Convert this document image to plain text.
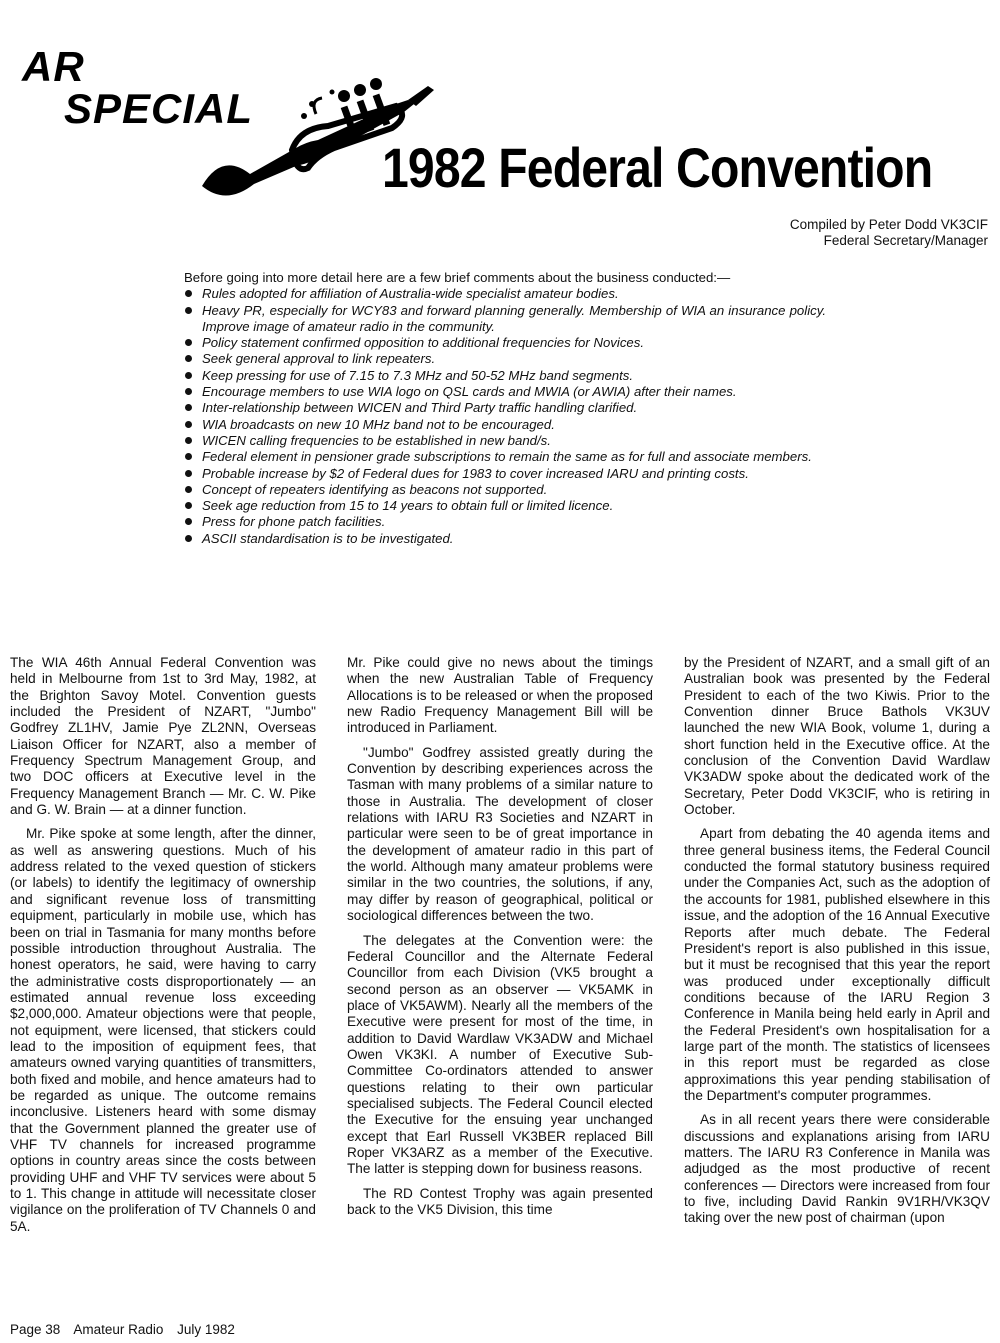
AR
SPECIAL
1982 Federal Convention
Compiled by Peter Dodd VK3CIF
Federal Secretary/Manager

Before going into more detail here are a few brief comments about the business conducted:—

Rules adopted for affiliation of Australia-wide specialist amateur bodies.
Heavy PR, especially for WCY83 and forward planning generally. Membership of WIA an insurance policy. Improve image of amateur radio in the community.
Policy statement confirmed opposition to additional frequencies for Novices.
Seek general approval to link repeaters.
Keep pressing for use of 7.15 to 7.3 MHz and 50-52 MHz band segments.
Encourage members to use WIA logo on QSL cards and MWIA (or AWIA) after their names.
Inter-relationship between WICEN and Third Party traffic handling clarified.
WIA broadcasts on new 10 MHz band not to be encouraged.
WICEN calling frequencies to be established in new band/s.
Federal element in pensioner grade subscriptions to remain the same as for full and associate members.
Probable increase by $2 of Federal dues for 1983 to cover increased IARU and printing costs.
Concept of repeaters identifying as beacons not supported.
Seek age reduction from 15 to 14 years to obtain full or limited licence.
Press for phone patch facilities.
ASCII standardisation is to be investigated.

The WIA 46th Annual Federal Convention was held in Melbourne from 1st to 3rd May, 1982, at the Brighton Savoy Motel. Convention guests included the President of NZART, "Jumbo" Godfrey ZL1HV, Jamie Pye ZL2NN, Overseas Liaison Officer for NZART, also a member of Frequency Spectrum Management Group, and two DOC officers at Executive level in the Frequency Management Branch — Mr. C. W. Pike and G. W. Brain — at a dinner function.

Mr. Pike spoke at some length, after the dinner, as well as answering questions. Much of his address related to the vexed question of stickers (or labels) to identify the legitimacy of ownership and significant revenue loss of transmitting equipment, particularly in mobile use, which has been on trial in Tasmania for many months before possible introduction throughout Australia. The honest operators, he said, were having to carry the administrative costs disproportionately — an estimated annual revenue loss exceeding $2,000,000. Amateur objections were that people, not equipment, were licensed, that stickers could lead to the imposition of equipment fees, that amateurs owned varying quantities of transmitters, both fixed and mobile, and hence amateurs had to be regarded as unique. The outcome remains inconclusive. Listeners heard with some dismay that the Government planned the greater use of VHF TV channels for increased programme options in country areas since the costs between providing UHF and VHF TV services were about 5 to 1. This change in attitude will necessitate closer vigilance on the proliferation of TV Channels 0 and 5A.

Mr. Pike could give no news about the timings when the new Australian Table of Frequency Allocations is to be released or when the proposed new Radio Frequency Management Bill will be introduced in Parliament.

"Jumbo" Godfrey assisted greatly during the Convention by describing experiences across the Tasman with many problems of a similar nature to those in Australia. The development of closer relations with IARU R3 Societies and NZART in particular were seen to be of great importance in the development of amateur radio in this part of the world. Although many amateur problems were similar in the two countries, the solutions, if any, may differ by reason of geographical, political or sociological differences between the two.

The delegates at the Convention were: the Federal Councillor and the Alternate Federal Councillor from each Division (VK5 brought a second person as an observer — VK5AMK in place of VK5AWM). Nearly all the members of the Executive were present for most of the time, in addition to David Wardlaw VK3ADW and Michael Owen VK3KI. A number of Executive Sub-Committee Co-ordinators attended to answer questions relating to their own particular specialised subjects. The Federal Council elected the Executive for the ensuing year unchanged except that Earl Russell VK3BER replaced Bill Roper VK3ARZ as a member of the Executive. The latter is stepping down for business reasons.

The RD Contest Trophy was again presented back to the VK5 Division, this time

by the President of NZART, and a small gift of an Australian book was presented by the Federal President to each of the two Kiwis. Prior to the Convention dinner Bruce Bathols VK3UV launched the new WIA Book, volume 1, during a short function held in the Executive office. At the conclusion of the Convention David Wardlaw VK3ADW spoke about the dedicated work of the Secretary, Peter Dodd VK3CIF, who is retiring in October.

Apart from debating the 40 agenda items and three general business items, the Federal Council conducted the formal statutory business required under the Companies Act, such as the adoption of the accounts for 1981, published elsewhere in this issue, and the adoption of the 16 Annual Executive Reports after much debate. The Federal President's report is also published in this issue, but it must be recognised that this year the report was produced under exceptionally difficult conditions because of the IARU Region 3 Conference in Manila being held early in April and the Federal President's own hospitalisation for a large part of the month. The statistics of licensees in this report must be regarded as close approximations this year pending stabilisation of the Department's computer programmes.

As in all recent years there were considerable discussions and explanations arising from IARU matters. The IARU R3 Conference in Manila was adjudged as the most productive of recent conferences — Directors were increased from four to five, including David Rankin 9V1RH/VK3QV taking over the new post of chairman (upon

Page 38 Amateur Radio July 1982
